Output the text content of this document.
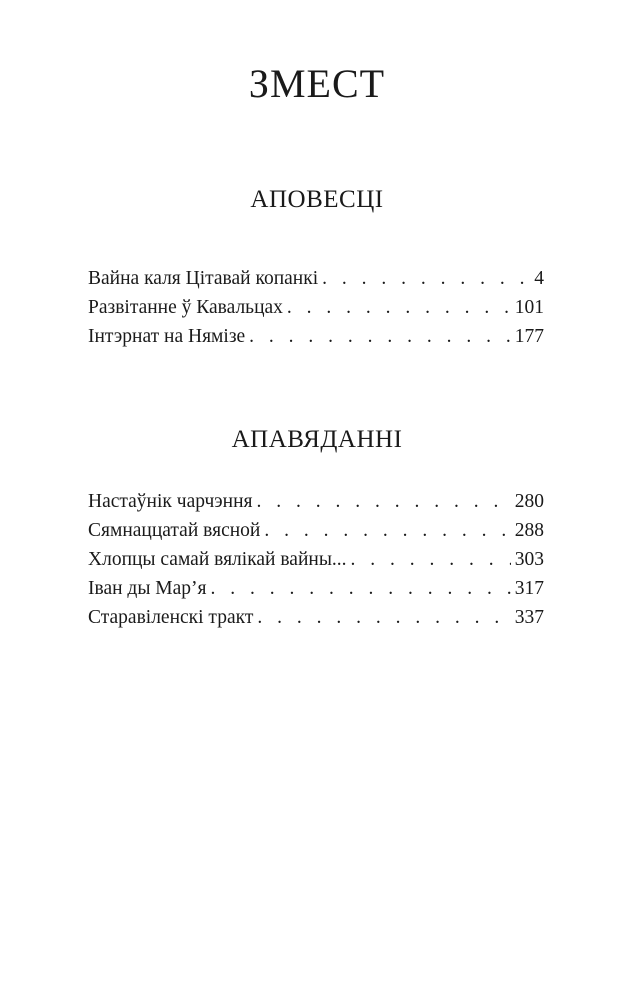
ЗМЕСТ
АПОВЕСЦІ
Вайна каля Цітавай копанкі . . .	4
Развітанне ў Кавальцах . . .	101
Інтэрнат на Нямізе . . .	177
АПАВЯДАННІ
Настаўнік чарчэння . . .	280
Сямнаццатай вясной . . .	288
Хлопцы самай вялікай вайны... . . .	303
Іван ды Мар’я . . .	317
Старавіленскі тракт . . .	337
